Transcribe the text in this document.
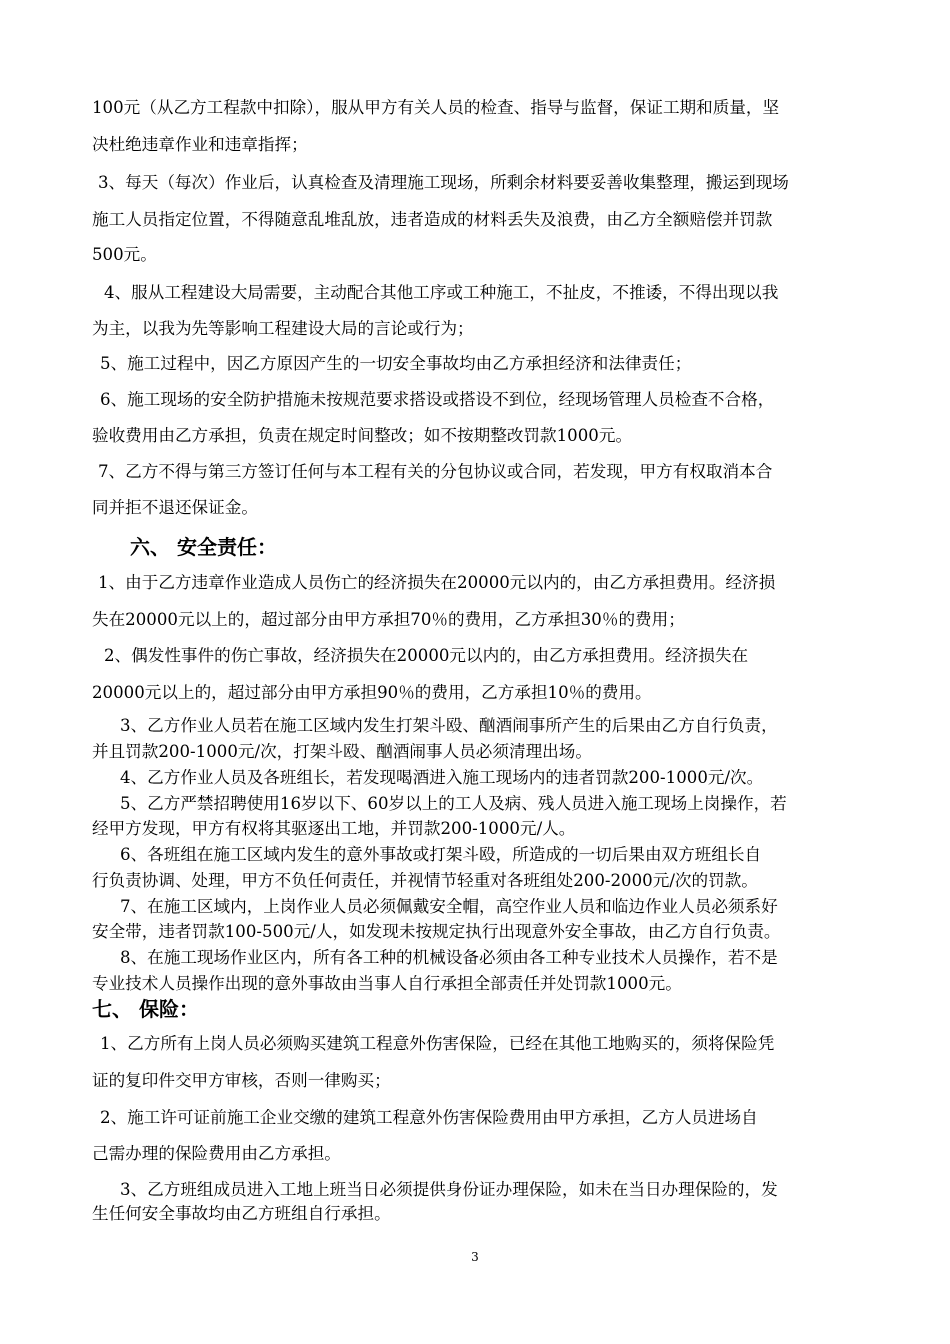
100元（从乙方工程款中扣除），服从甲方有关人员的检查、指导与监督，保证工期和质量，坚
决杜绝违章作业和违章指挥；
3、每天（每次）作业后，认真检查及清理施工现场，所剩余材料要妥善收集整理，搬运到现场
施工人员指定位置，不得随意乱堆乱放，违者造成的材料丢失及浪费，由乙方全额赔偿并罚款
500元。
4、服从工程建设大局需要，主动配合其他工序或工种施工，不扯皮，不推诿，不得出现以我
为主，以我为先等影响工程建设大局的言论或行为；
5、施工过程中，因乙方原因产生的一切安全事故均由乙方承担经济和法律责任；
6、施工现场的安全防护措施未按规范要求搭设或搭设不到位，经现场管理人员检查不合格，
验收费用由乙方承担，负责在规定时间整改；如不按期整改罚款1000元。
7、乙方不得与第三方签订任何与本工程有关的分包协议或合同，若发现，甲方有权取消本合
同并拒不退还保证金。
六、 安全责任：
1、由于乙方违章作业造成人员伤亡的经济损失在20000元以内的，由乙方承担费用。经济损
失在20000元以上的，超过部分由甲方承担70％的费用，乙方承担30％的费用；
2、偶发性事件的伤亡事故，经济损失在20000元以内的，由乙方承担费用。经济损失在
20000元以上的，超过部分由甲方承担90％的费用，乙方承担10％的费用。
3、乙方作业人员若在施工区域内发生打架斗殴、酗酒闹事所产生的后果由乙方自行负责，
并且罚款200-1000元/次，打架斗殴、酗酒闹事人员必须清理出场。
4、乙方作业人员及各班组长，若发现喝酒进入施工现场内的违者罚款200-1000元/次。
5、乙方严禁招聘使用16岁以下、60岁以上的工人及病、残人员进入施工现场上岗操作，若
经甲方发现，甲方有权将其驱逐出工地，并罚款200-1000元/人。
6、各班组在施工区域内发生的意外事故或打架斗殴，所造成的一切后果由双方班组长自
行负责协调、处理，甲方不负任何责任，并视情节轻重对各班组处200-2000元/次的罚款。
7、在施工区域内，上岗作业人员必须佩戴安全帽，高空作业人员和临边作业人员必须系好
安全带，违者罚款100-500元/人，如发现未按规定执行出现意外安全事故，由乙方自行负责。
8、在施工现场作业区内，所有各工种的机械设备必须由各工种专业技术人员操作，若不是
专业技术人员操作出现的意外事故由当事人自行承担全部责任并处罚款1000元。
七、 保险：
1、乙方所有上岗人员必须购买建筑工程意外伤害保险，已经在其他工地购买的，须将保险凭
证的复印件交甲方审核，否则一律购买；
2、施工许可证前施工企业交缴的建筑工程意外伤害保险费用由甲方承担，乙方人员进场自
己需办理的保险费用由乙方承担。
3、乙方班组成员进入工地上班当日必须提供身份证办理保险，如未在当日办理保险的，发
生任何安全事故均由乙方班组自行承担。
3
